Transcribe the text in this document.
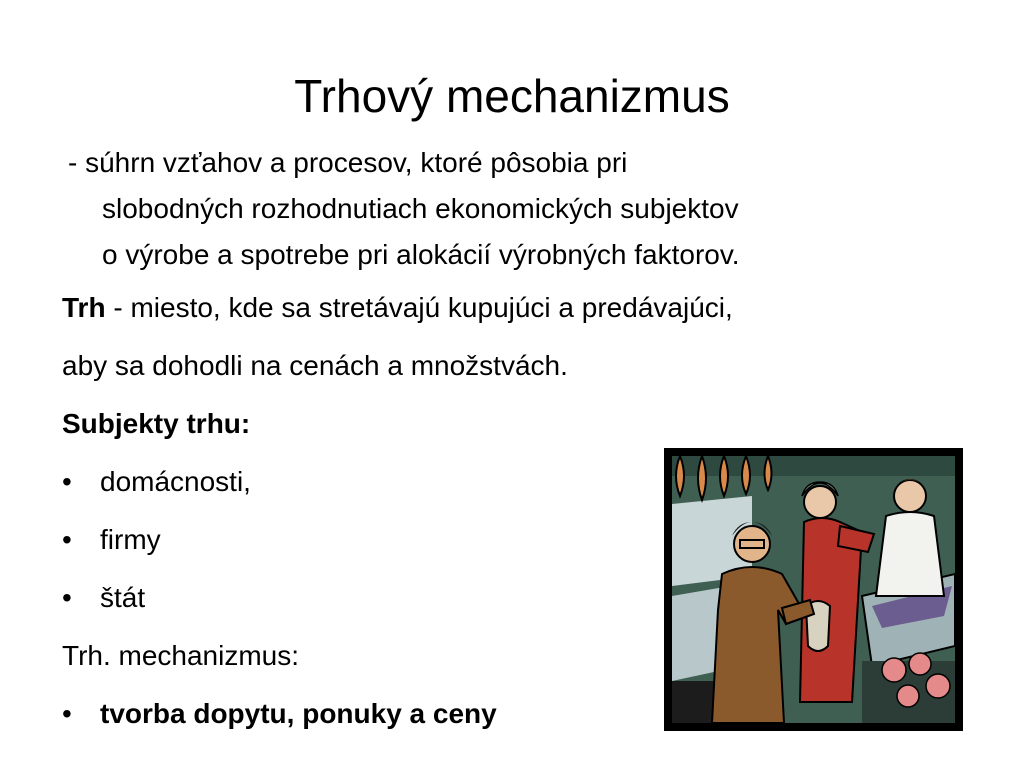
Trhový mechanizmus
- súhrn vzťahov a procesov, ktoré pôsobia pri
slobodných rozhodnutiach ekonomických subjektov
o výrobe a spotrebe pri alokácií výrobných faktorov.
Trh - miesto, kde sa stretávajú kupujúci a predávajúci,
aby sa dohodli na cenách a množstvách.
Subjekty trhu:
• domácnosti,
• firmy
• štát
Trh. mechanizmus:
• tvorba dopytu, ponuky a ceny
